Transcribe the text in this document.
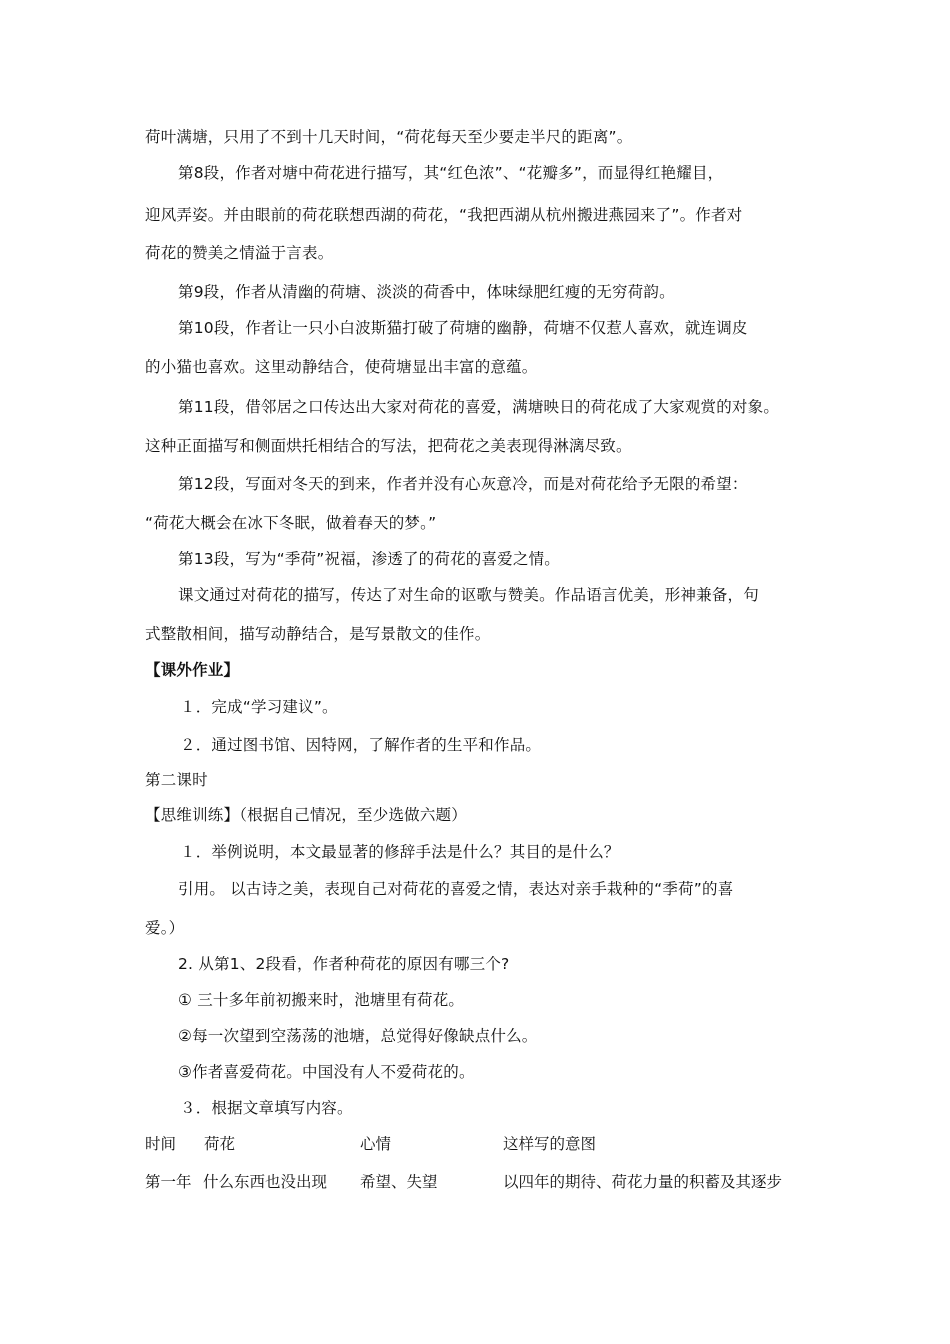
荷叶满塘，只用了不到十几天时间，“荷花每天至少要走半尺的距离”。
第8段，作者对塘中荷花进行描写，其“红色浓”、“花瓣多”，而显得红艳耀目，
迎风弄姿。并由眼前的荷花联想西湖的荷花，“我把西湖从杭州搬进燕园来了”。作者对
荷花的赞美之情溢于言表。
第9段，作者从清幽的荷塘、淡淡的荷香中，体味绿肥红瘦的无穷荷韵。
第10段，作者让一只小白波斯猫打破了荷塘的幽静，荷塘不仅惹人喜欢，就连调皮
的小猫也喜欢。这里动静结合，使荷塘显出丰富的意蕴。
第11段，借邻居之口传达出大家对荷花的喜爱，满塘映日的荷花成了大家观赏的对象。
这种正面描写和侧面烘托相结合的写法，把荷花之美表现得淋漓尽致。
第12段，写面对冬天的到来，作者并没有心灰意冷，而是对荷花给予无限的希望：
“荷花大概会在冰下冬眠，做着春天的梦。”
第13段，写为“季荷”祝福，渗透了的荷花的喜爱之情。
课文通过对荷花的描写，传达了对生命的讴歌与赞美。作品语言优美，形神兼备，句
式整散相间，描写动静结合，是写景散文的佳作。
【课外作业】
１．完成“学习建议”。
２．通过图书馆、因特网，了解作者的生平和作品。
第二课时
【思维训练】（根据自己情况，至少选做六题）
１．举例说明，本文最显著的修辞手法是什么？其目的是什么？
引用。 以古诗之美，表现自己对荷花的喜爱之情，表达对亲手栽种的“季荷”的喜
爱。）
2. 从第1、2段看，作者种荷花的原因有哪三个?
① 三十多年前初搬来时，池塘里有荷花。
②每一次望到空荡荡的池塘，总觉得好像缺点什么。
③作者喜爱荷花。中国没有人不爱荷花的。
３．根据文章填写内容。
时间 荷花	心情	这样写的意图
第一年 什么东西也没出现 希望、失望	以四年的期待、荷花力量的积蓄及其逐步
